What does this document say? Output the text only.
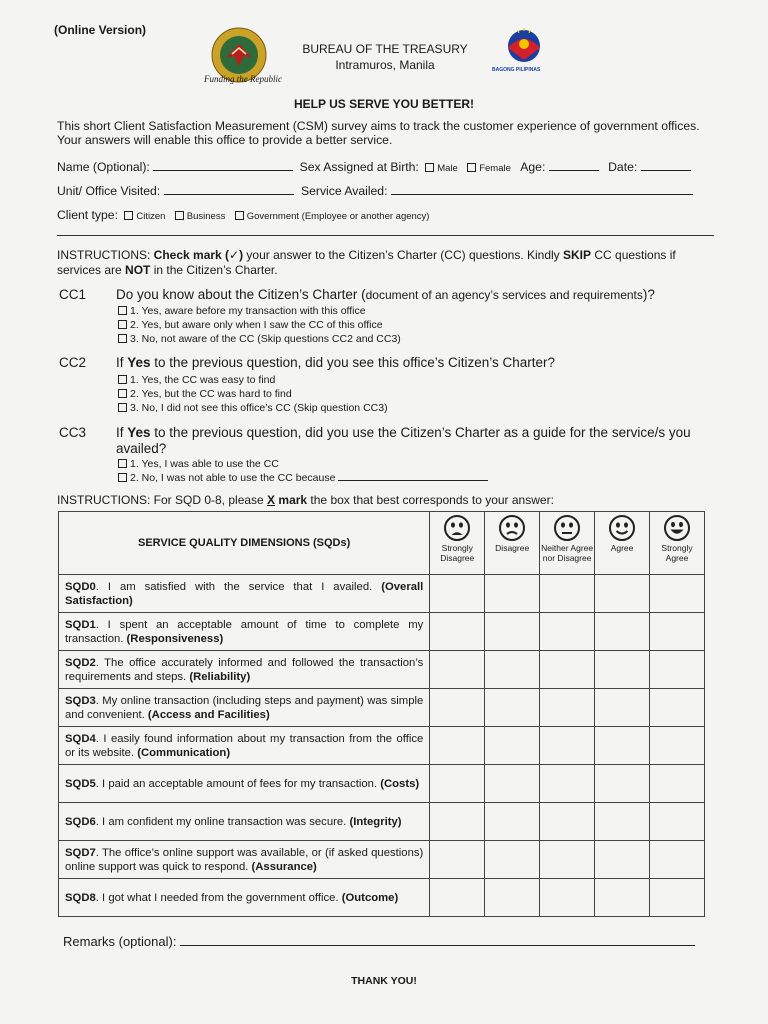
(Online Version)
Funding the Republic
BUREAU OF THE TREASURY
Intramuros, Manila	BAGONG PILIPINAS
HELP US SERVE YOU BETTER!
This short Client Satisfaction Measurement (CSM) survey aims to track the customer experience of government offices. Your answers will enable this office to provide a better service.
Name (Optional):	Sex Assigned at Birth: Male Female Age:	Date:
Unit/ Office Visited:	Service Availed:
Client type: Citizen Business Government (Employee or another agency)
INSTRUCTIONS: Check mark (✓) your answer to the Citizen’s Charter (CC) questions. Kindly SKIP CC questions if services are NOT in the Citizen’s Charter.
CC1 Do you know about the Citizen’s Charter (document of an agency’s services and requirements)?
1. Yes, aware before my transaction with this office
2. Yes, but aware only when I saw the CC of this office
3. No, not aware of the CC (Skip questions CC2 and CC3)
CC2 If Yes to the previous question, did you see this office’s Citizen’s Charter?
1. Yes, the CC was easy to find
2. Yes, but the CC was hard to find
3. No, I did not see this office’s CC (Skip question CC3)
CC3 If Yes to the previous question, did you use the Citizen’s Charter as a guide for the service/s you availed?
1. Yes, I was able to use the CC
2. No, I was not able to use the CC because
INSTRUCTIONS: For SQD 0-8, please X mark the box that best corresponds to your answer:
SERVICE QUALITY DIMENSIONS (SQDs)	Strongly Disagree	Disagree	Neither Agree nor Disagree	Agree	Strongly Agree

SQD0. I am satisfied with the service that I availed. (Overall Satisfaction)					
SQD1. I spent an acceptable amount of time to complete my transaction. (Responsiveness)					
SQD2. The office accurately informed and followed the transaction’s requirements and steps. (Reliability)					
SQD3. My online transaction (including steps and payment) was simple and convenient. (Access and Facilities)					
SQD4. I easily found information about my transaction from the office or its website. (Communication)					
SQD5. I paid an acceptable amount of fees for my transaction. (Costs)					
SQD6. I am confident my online transaction was secure. (Integrity)					
SQD7. The office’s online support was available, or (if asked questions) online support was quick to respond. (Assurance)					
SQD8. I got what I needed from the government office. (Outcome)					
Remarks (optional):
THANK YOU!
